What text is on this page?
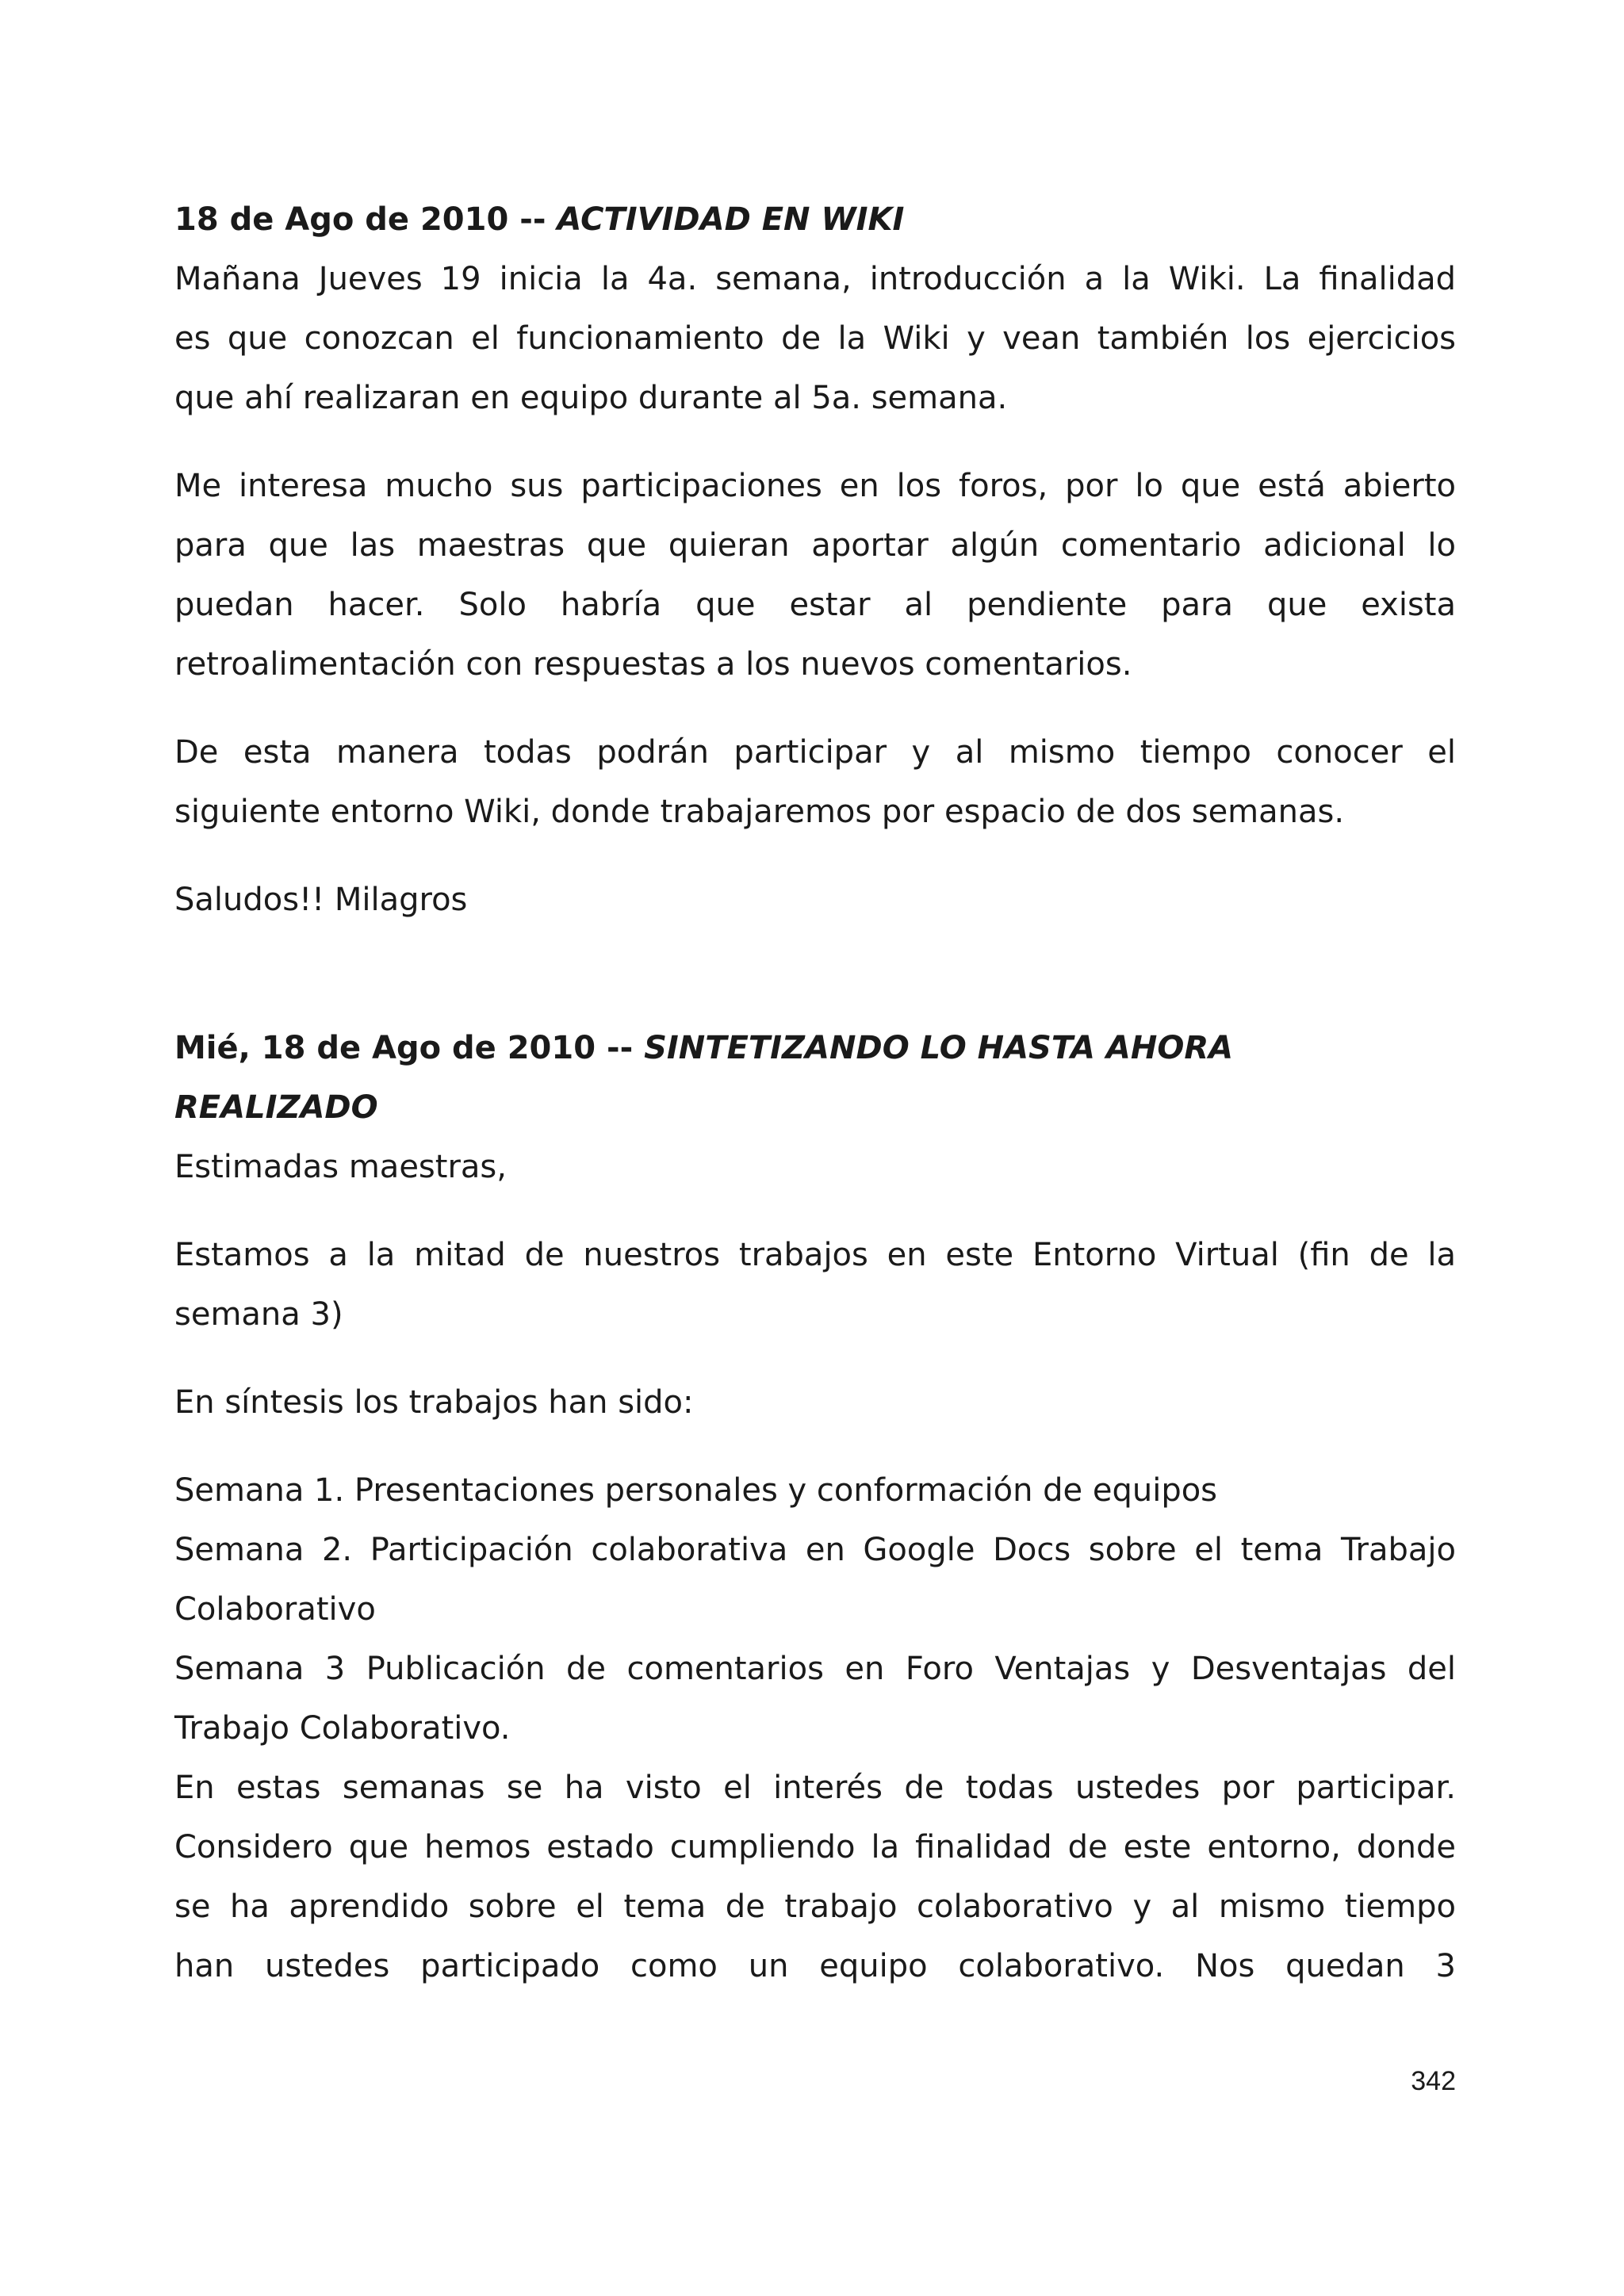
18 de Ago de 2010 -- ACTIVIDAD EN WIKI

Mañana Jueves 19 inicia la 4a. semana, introducción a la Wiki. La finalidad

es que conozcan el funcionamiento de la Wiki y vean también los ejercicios

que ahí realizaran en equipo durante al 5a. semana.

Me interesa mucho sus participaciones en los foros, por lo que está abierto

para que las maestras que quieran aportar algún comentario adicional lo

puedan hacer. Solo habría que estar al pendiente para que exista

retroalimentación con respuestas a los nuevos comentarios.

De esta manera todas podrán participar y al mismo tiempo conocer el

siguiente entorno Wiki, donde trabajaremos por espacio de dos semanas.

Saludos!! Milagros

Mié, 18 de Ago de 2010 -- SINTETIZANDO LO HASTA AHORA

REALIZADO

Estimadas maestras,

Estamos a la mitad de nuestros trabajos en este Entorno Virtual (fin de la

semana 3)

En síntesis los trabajos han sido:

Semana 1. Presentaciones personales y conformación de equipos

Semana 2. Participación colaborativa en Google Docs sobre el tema Trabajo

Colaborativo

Semana 3 Publicación de comentarios en Foro Ventajas y Desventajas del

Trabajo Colaborativo.

En estas semanas se ha visto el interés de todas ustedes por participar.

Considero que hemos estado cumpliendo la finalidad de este entorno, donde

se ha aprendido sobre el tema de trabajo colaborativo y al mismo tiempo

han ustedes participado como un equipo colaborativo. Nos quedan 3

342
